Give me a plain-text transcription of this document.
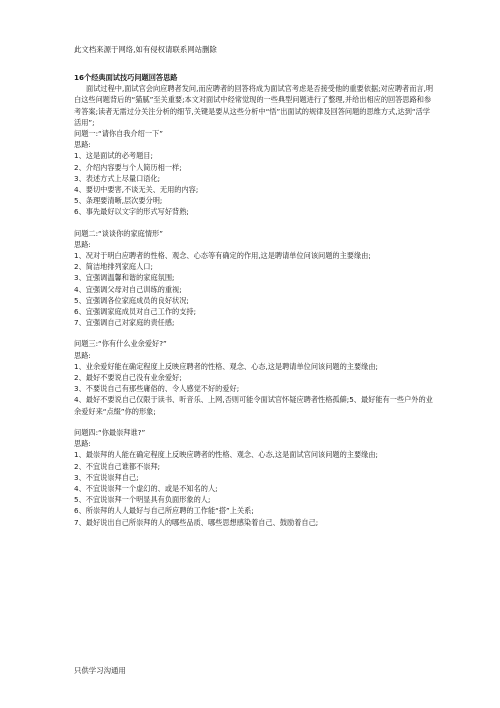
此文档来源于网络,如有侵权请联系网站删除

16个经典面试技巧问题回答思路

面试过程中,面试官会向应聘者发问,而应聘者的回答将成为面试官考虑是否接受他的重要依据;对应聘者而言,明白这些问题背后的“猫腻”至关重要;本文对面试中经常觉现的一些典型问题进行了整理,并给出相应的回答思路和参考答案;读者无需过分关注分析的细节,关键是要从这些分析中“悟”出面试的规律及回答问题的思维方式,达到“活学活用”;

问题一:“请你自我介绍一下”

思路:

1、这是面试的必考题目;

2、介绍内容要与个人简历相一样;

3、表述方式上尽量口语化;

4、要切中要害,不谈无关、无用的内容;

5、条理要清晰,层次要分明;

6、事先最好以文字的形式写好背熟;

问题二:“谈谈你的家庭情形”

思路:

1、况对于明白应聘者的性格、观念、心态等有确定的作用,这是聘请单位问该问题的主要缘由;

2、简洁地排列家庭人口;

3、宜强调温馨和谐的家庭氛围;

4、宜强调父母对自己训练的重视;

5、宜强调各位家庭成员的良好状况;

6、宜强调家庭成员对自己工作的支持;

7、宜强调自己对家庭的责任感;

问题三:“你有什么业余爱好?”

思路:

1、业余爱好能在确定程度上反映应聘者的性格、观念、心态,这是聘请单位问该问题的主要缘由;

2、最好不要说自己没有业余爱好;

3、不要说自己有那些庸俗的、令人感觉不好的爱好;

4、最好不要说自己仅限于读书、听音乐、上网,否则可能令面试官怀疑应聘者性格孤僻;5、最好能有一些户外的业余爱好来“点缀”你的形象;

问题四:“你最崇拜谁?”

思路:

1、最崇拜的人能在确定程度上反映应聘者的性格、观念、心态,这是面试官问该问题的主要缘由;

2、不宜说自己谁都不崇拜;

3、不宜说崇拜自己;

4、不宜说崇拜一个虚幻的、或是不知名的人;

5、不宜说崇拜一个明显具有负面形象的人;

6、所崇拜的人人最好与自己所应聘的工作能“搭”上关系;

7、最好说出自己所崇拜的人的哪些品质、哪些思想感染着自己、鼓励着自己;

只供学习沟通用
